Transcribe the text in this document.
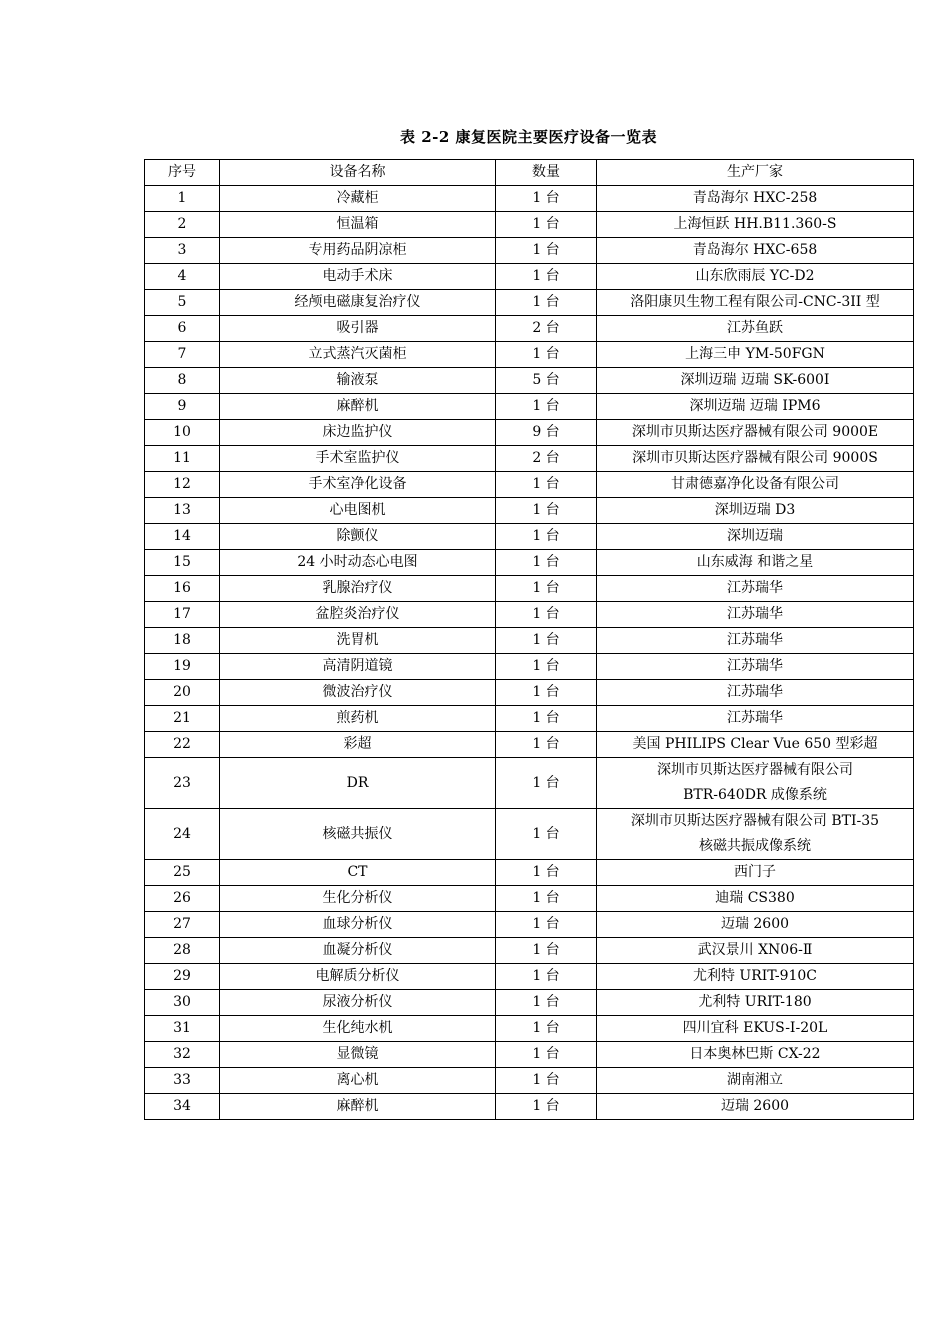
表 2-2 康复医院主要医疗设备一览表
序号	设备名称	数量	生产厂家
1	冷藏柜	1 台	青岛海尔 HXC-258
2	恒温箱	1 台	上海恒跃 HH.B11.360-S
3	专用药品阴凉柜	1 台	青岛海尔 HXC-658
4	电动手术床	1 台	山东欣雨辰 YC-D2
5	经颅电磁康复治疗仪	1 台	洛阳康贝生物工程有限公司-CNC-3II 型
6	吸引器	2 台	江苏鱼跃
7	立式蒸汽灭菌柜	1 台	上海三申 YM-50FGN
8	输液泵	5 台	深圳迈瑞 迈瑞 SK-600I
9	麻醉机	1 台	深圳迈瑞 迈瑞 IPM6
10	床边监护仪	9 台	深圳市贝斯达医疗器械有限公司 9000E
11	手术室监护仪	2 台	深圳市贝斯达医疗器械有限公司 9000S
12	手术室净化设备	1 台	甘肃德嘉净化设备有限公司
13	心电图机	1 台	深圳迈瑞 D3
14	除颤仪	1 台	深圳迈瑞
15	24 小时动态心电图	1 台	山东威海 和谐之星
16	乳腺治疗仪	1 台	江苏瑞华
17	盆腔炎治疗仪	1 台	江苏瑞华
18	洗胃机	1 台	江苏瑞华
19	高清阴道镜	1 台	江苏瑞华
20	微波治疗仪	1 台	江苏瑞华
21	煎药机	1 台	江苏瑞华
22	彩超	1 台	美国 PHILIPS Clear Vue 650 型彩超
23	DR	1 台	深圳市贝斯达医疗器械有限公司
BTR-640DR 成像系统

24	核磁共振仪	1 台	深圳市贝斯达医疗器械有限公司 BTI-35
核磁共振成像系统

25	CT	1 台	西门子
26	生化分析仪	1 台	迪瑞 CS380
27	血球分析仪	1 台	迈瑞 2600
28	血凝分析仪	1 台	武汉景川 XN06-Ⅱ
29	电解质分析仪	1 台	尤利特 URIT-910C
30	尿液分析仪	1 台	尤利特 URIT-180
31	生化纯水机	1 台	四川宜科 EKUS-I-20L
32	显微镜	1 台	日本奥林巴斯 CX-22
33	离心机	1 台	湖南湘立
34	麻醉机	1 台	迈瑞 2600
